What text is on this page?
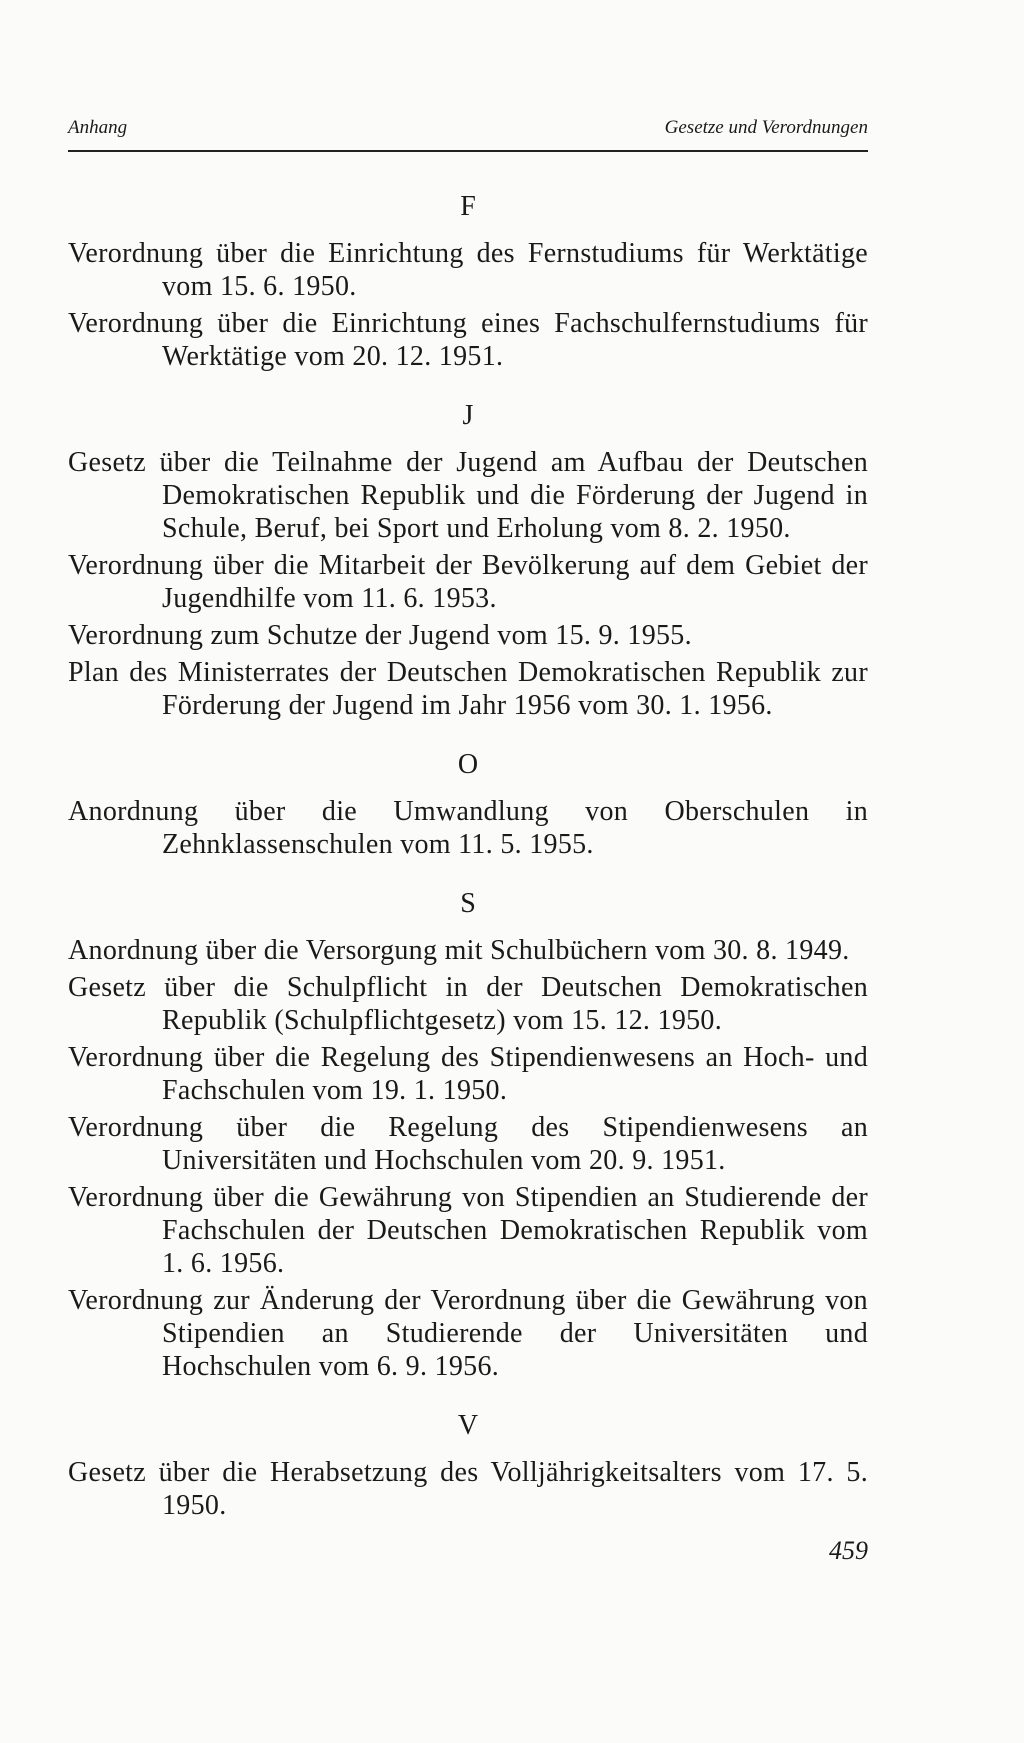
Anhang	Gesetze und Verordnungen

F

Verordnung über die Einrichtung des Fernstudiums für Werktätige vom 15. 6. 1950.

Verordnung über die Einrichtung eines Fachschulfernstudiums für Werktätige vom 20. 12. 1951.

J

Gesetz über die Teilnahme der Jugend am Aufbau der Deutschen Demokratischen Republik und die Förderung der Jugend in Schule, Beruf, bei Sport und Erholung vom 8. 2. 1950.

Verordnung über die Mitarbeit der Bevölkerung auf dem Gebiet der Jugendhilfe vom 11. 6. 1953.

Verordnung zum Schutze der Jugend vom 15. 9. 1955.

Plan des Ministerrates der Deutschen Demokratischen Republik zur Förderung der Jugend im Jahr 1956 vom 30. 1. 1956.

O

Anordnung über die Umwandlung von Oberschulen in Zehnklassenschulen vom 11. 5. 1955.

S

Anordnung über die Versorgung mit Schulbüchern vom 30. 8. 1949.

Gesetz über die Schulpflicht in der Deutschen Demokratischen Republik (Schulpflichtgesetz) vom 15. 12. 1950.

Verordnung über die Regelung des Stipendienwesens an Hoch- und Fachschulen vom 19. 1. 1950.

Verordnung über die Regelung des Stipendienwesens an Universitäten und Hochschulen vom 20. 9. 1951.

Verordnung über die Gewährung von Stipendien an Studierende der Fachschulen der Deutschen Demokratischen Republik vom 1. 6. 1956.

Verordnung zur Änderung der Verordnung über die Gewährung von Stipendien an Studierende der Universitäten und Hochschulen vom 6. 9. 1956.

V

Gesetz über die Herabsetzung des Volljährigkeitsalters vom 17. 5. 1950.

459
